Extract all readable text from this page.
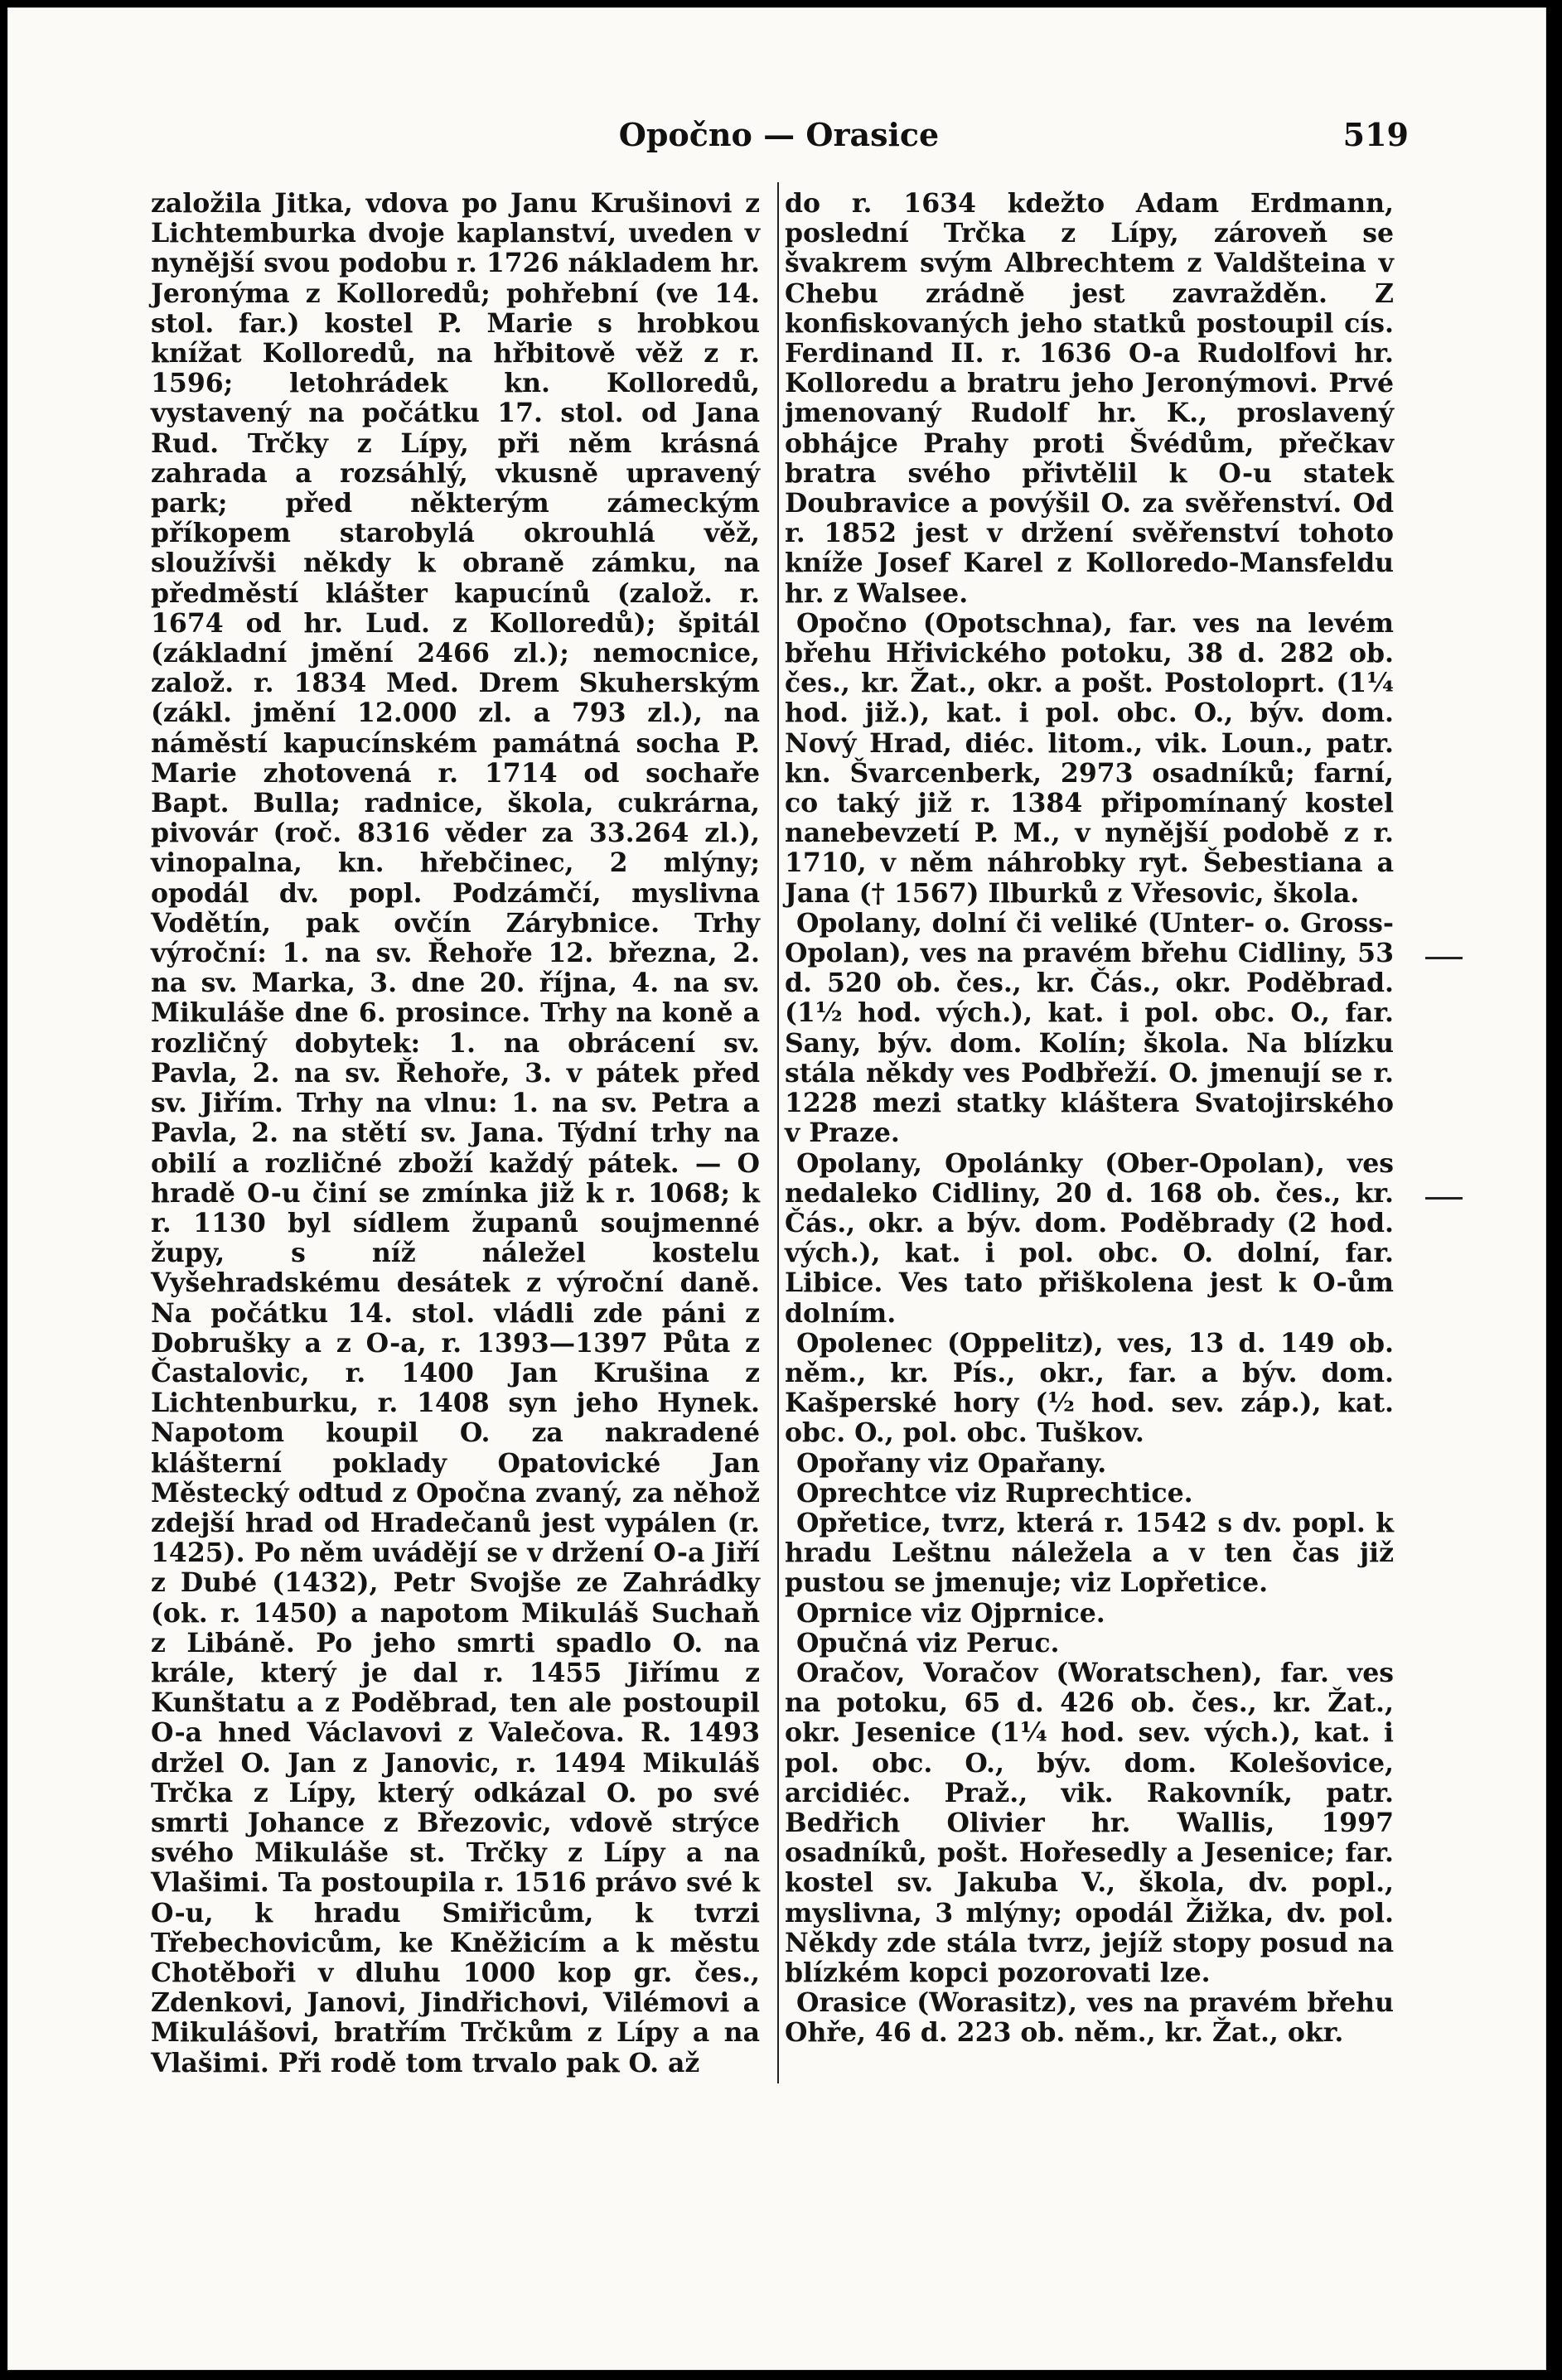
Opočno — Orasice	519

založila Jitka, vdova po Janu Krušinovi z Lichtemburka dvoje kaplanství, uveden v nynější svou podobu r. 1726 nákladem hr. Jeronýma z Kolloredů; pohřební (ve 14. stol. far.) kostel P. Marie s hrobkou knížat Kolloredů, na hřbitově věž z r. 1596; letohrádek kn. Kolloredů, vystavený na počátku 17. stol. od Jana Rud. Trčky z Lípy, při něm krásná zahrada a rozsáhlý, vkusně upravený park; před některým zámeckým příkopem starobylá okrouhlá věž, sloužívši někdy k obraně zámku, na předměstí klášter kapucínů (založ. r. 1674 od hr. Lud. z Kolloredů); špitál (základní jmění 2466 zl.); nemocnice, založ. r. 1834 Med. Drem Skuherským (zákl. jmění 12.000 zl. a 793 zl.), na náměstí kapucínském památná socha P. Marie zhotovená r. 1714 od sochaře Bapt. Bulla; radnice, škola, cukrárna, pivovár (roč. 8316 věder za 33.264 zl.), vinopalna, kn. hřebčinec, 2 mlýny; opodál dv. popl. Podzámčí, myslivna Vodětín, pak ovčín Zárybnice. Trhy výroční: 1. na sv. Řehoře 12. března, 2. na sv. Marka, 3. dne 20. října, 4. na sv. Mikuláše dne 6. prosince. Trhy na koně a rozličný dobytek: 1. na obrácení sv. Pavla, 2. na sv. Řehoře, 3. v pátek před sv. Jiřím. Trhy na vlnu: 1. na sv. Petra a Pavla, 2. na stětí sv. Jana. Týdní trhy na obilí a rozličné zboží každý pátek. — O hradě O-u činí se zmínka již k r. 1068; k r. 1130 byl sídlem županů soujmenné župy, s níž náležel kostelu Vyšehradskému desátek z výroční daně. Na počátku 14. stol. vládli zde páni z Dobrušky a z O-a, r. 1393—1397 Půta z Častalovic, r. 1400 Jan Krušina z Lichtenburku, r. 1408 syn jeho Hynek. Napotom koupil O. za nakradené klášterní poklady Opatovické Jan Městecký odtud z Opočna zvaný, za něhož zdejší hrad od Hradečanů jest vypálen (r. 1425). Po něm uvádějí se v držení O-a Jiří z Dubé (1432), Petr Svojše ze Zahrádky (ok. r. 1450) a napotom Mikuláš Suchaň z Libáně. Po jeho smrti spadlo O. na krále, který je dal r. 1455 Jiřímu z Kunštatu a z Poděbrad, ten ale postoupil O-a hned Václavovi z Valečova. R. 1493 držel O. Jan z Janovic, r. 1494 Mikuláš Trčka z Lípy, který odkázal O. po své smrti Johance z Březovic, vdově strýce svého Mikuláše st. Trčky z Lípy a na Vlašimi. Ta postoupila r. 1516 právo své k O-u, k hradu Smiřicům, k tvrzi Třebechovicům, ke Kněžicím a k městu Chotěboři v dluhu 1000 kop gr. čes., Zdenkovi, Janovi, Jindřichovi, Vilémovi a Mikulášovi, bratřím Trčkům z Lípy a na Vlašimi. Při rodě tom trvalo pak O. až

do r. 1634 kdežto Adam Erdmann, poslední Trčka z Lípy, zároveň se švakrem svým Albrechtem z Valdšteina v Chebu zrádně jest zavražděn. Z konfiskovaných jeho statků postoupil cís. Ferdinand II. r. 1636 O-a Rudolfovi hr. Kolloredu a bratru jeho Jeronýmovi. Prvé jmenovaný Rudolf hr. K., proslavený obhájce Prahy proti Švédům, přečkav bratra svého přivtělil k O-u statek Doubravice a povýšil O. za svěřenství. Od r. 1852 jest v držení svěřenství tohoto kníže Josef Karel z Kolloredo-Mansfeldu hr. z Walsee.

Opočno (Opotschna), far. ves na levém břehu Hřivického potoku, 38 d. 282 ob. čes., kr. Žat., okr. a pošt. Postoloprt. (1¼ hod. již.), kat. i pol. obc. O., býv. dom. Nový Hrad, diéc. litom., vik. Loun., patr. kn. Švarcenberk, 2973 osadníků; farní, co taký již r. 1384 připomínaný kostel nanebevzetí P. M., v nynější podobě z r. 1710, v něm náhrobky ryt. Šebestiana a Jana († 1567) Ilburků z Vřesovic, škola.

Opolany, dolní či veliké (Unter- o. Gross-Opolan), ves na pravém břehu Cidliny, 53 d. 520 ob. čes., kr. Čás., okr. Poděbrad. (1½ hod. vých.), kat. i pol. obc. O., far. Sany, býv. dom. Kolín; škola. Na blízku stála někdy ves Podbřeží. O. jmenují se r. 1228 mezi statky kláštera Svatojirského v Praze.

Opolany, Opolánky (Ober-Opolan), ves nedaleko Cidliny, 20 d. 168 ob. čes., kr. Čás., okr. a býv. dom. Poděbrady (2 hod. vých.), kat. i pol. obc. O. dolní, far. Libice. Ves tato přiškolena jest k O-ům dolním.

Opolenec (Oppelitz), ves, 13 d. 149 ob. něm., kr. Pís., okr., far. a býv. dom. Kašperské hory (½ hod. sev. záp.), kat. obc. O., pol. obc. Tuškov.

Opořany viz Opařany.

Oprechtce viz Ruprechtice.

Opřetice, tvrz, která r. 1542 s dv. popl. k hradu Leštnu náležela a v ten čas již pustou se jmenuje; viz Lopřetice.

Oprnice viz Ojprnice.

Opučná viz Peruc.

Oračov, Voračov (Woratschen), far. ves na potoku, 65 d. 426 ob. čes., kr. Žat., okr. Jesenice (1¼ hod. sev. vých.), kat. i pol. obc. O., býv. dom. Kolešovice, arcidiéc. Praž., vik. Rakovník, patr. Bedřich Olivier hr. Wallis, 1997 osadníků, pošt. Hořesedly a Jesenice; far. kostel sv. Jakuba V., škola, dv. popl., myslivna, 3 mlýny; opodál Žižka, dv. pol. Někdy zde stála tvrz, jejíž stopy posud na blízkém kopci pozorovati lze.

Orasice (Worasitz), ves na pravém břehu Ohře, 46 d. 223 ob. něm., kr. Žat., okr.
